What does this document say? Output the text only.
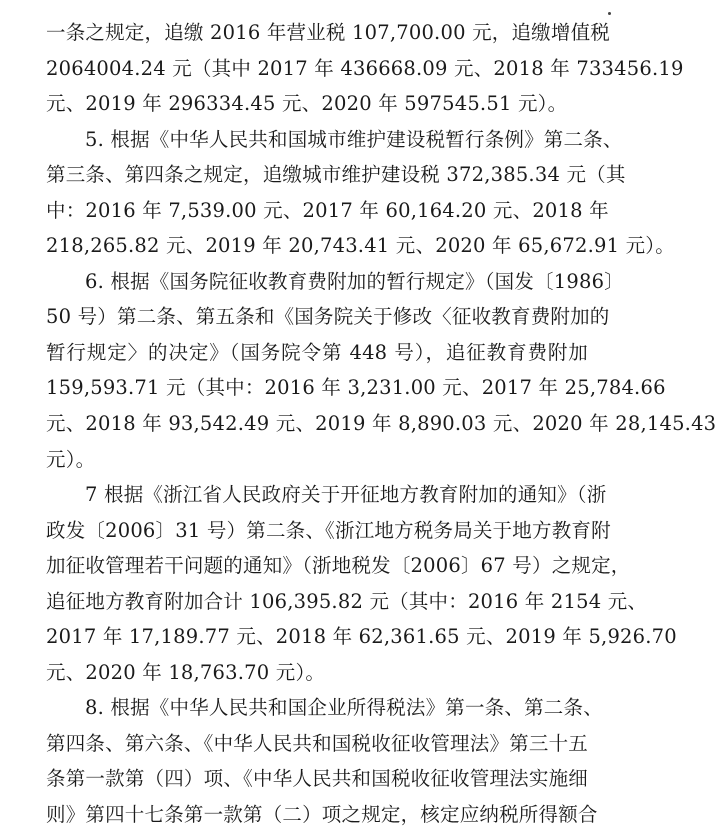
一条之规定，追缴 2016 年营业税 107,700.00 元，追缴增值税
2064004.24 元（其中 2017 年 436668.09 元、2018 年 733456.19
元、2019 年 296334.45 元、2020 年 597545.51 元）。
5. 根据《中华人民共和国城市维护建设税暂行条例》第二条、
第三条、第四条之规定，追缴城市维护建设税 372,385.34 元（其
中：2016 年 7,539.00 元、2017 年 60,164.20 元、2018 年
218,265.82 元、2019 年 20,743.41 元、2020 年 65,672.91 元）。
6. 根据《国务院征收教育费附加的暂行规定》（国发〔1986〕
50 号）第二条、第五条和《国务院关于修改〈征收教育费附加的
暂行规定〉的决定》（国务院令第 448 号），追征教育费附加
159,593.71 元（其中：2016 年 3,231.00 元、2017 年 25,784.66
元、2018 年 93,542.49 元、2019 年 8,890.03 元、2020 年 28,145.43
元）。
7 根据《浙江省人民政府关于开征地方教育附加的通知》（浙
政发〔2006〕31 号）第二条、《浙江地方税务局关于地方教育附
加征收管理若干问题的通知》（浙地税发〔2006〕67 号）之规定，
追征地方教育附加合计 106,395.82 元（其中：2016 年 2154 元、
2017 年 17,189.77 元、2018 年 62,361.65 元、2019 年 5,926.70
元、2020 年 18,763.70 元）。
8. 根据《中华人民共和国企业所得税法》第一条、第二条、
第四条、第六条、《中华人民共和国税收征收管理法》第三十五
条第一款第（四）项、《中华人民共和国税收征收管理法实施细
则》第四十七条第一款第（二）项之规定，核定应纳税所得额合
